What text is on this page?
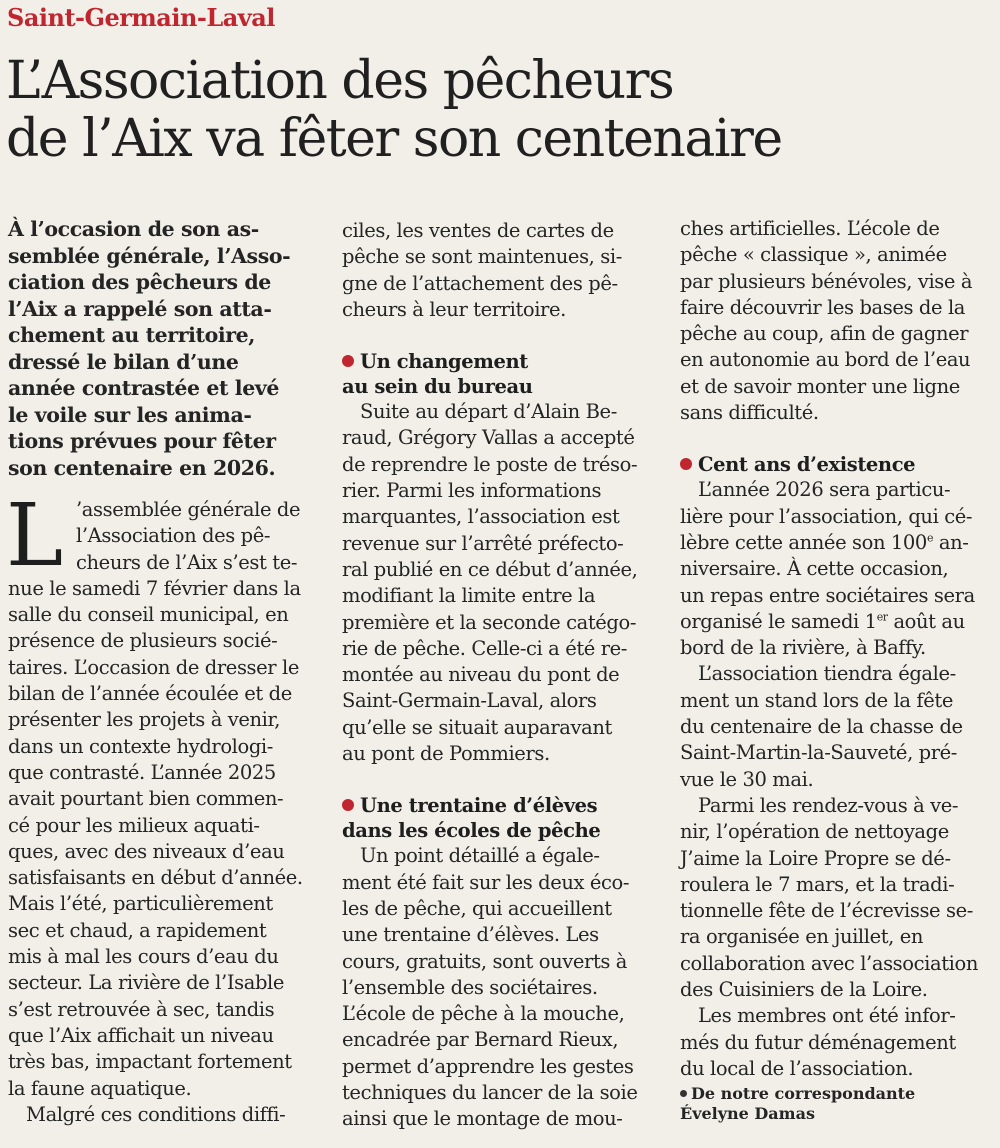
Saint-Germain-Laval
L’Association des pêcheurs
de l’Aix va fêter son centenaire
À l’occasion de son as-
semblée générale, l’Asso-
ciation des pêcheurs de
l’Aix a rappelé son atta-
chement au territoire,
dressé le bilan d’une
année contrastée et levé
le voile sur les anima-
tions prévues pour fêter
son centenaire en 2026.
L ’assemblée générale de
l’Association des pê-
cheurs de l’Aix s’est te-
nue le samedi 7 février dans la
salle du conseil municipal, en
présence de plusieurs socié-
taires. L’occasion de dresser le
bilan de l’année écoulée et de
présenter les projets à venir,
dans un contexte hydrologi-
que contrasté. L’année 2025
avait pourtant bien commen-
cé pour les milieux aquati-
ques, avec des niveaux d’eau
satisfaisants en début d’année.
Mais l’été, particulièrement
sec et chaud, a rapidement
mis à mal les cours d’eau du
secteur. La rivière de l’Isable
s’est retrouvée à sec, tandis
que l’Aix affichait un niveau
très bas, impactant fortement
la faune aquatique.
Malgré ces conditions diffi-
ciles, les ventes de cartes de
pêche se sont maintenues, si-
gne de l’attachement des pê-
cheurs à leur territoire.
Un changement
au sein du bureau
Suite au départ d’Alain Be-
raud, Grégory Vallas a accepté
de reprendre le poste de tréso-
rier. Parmi les informations
marquantes, l’association est
revenue sur l’arrêté préfecto-
ral publié en ce début d’année,
modifiant la limite entre la
première et la seconde catégo-
rie de pêche. Celle-ci a été re-
montée au niveau du pont de
Saint-Germain-Laval, alors
qu’elle se situait auparavant
au pont de Pommiers.
Une trentaine d’élèves
dans les écoles de pêche
Un point détaillé a égale-
ment été fait sur les deux éco-
les de pêche, qui accueillent
une trentaine d’élèves. Les
cours, gratuits, sont ouverts à
l’ensemble des sociétaires.
L’école de pêche à la mouche,
encadrée par Bernard Rieux,
permet d’apprendre les gestes
techniques du lancer de la soie
ainsi que le montage de mou-
ches artificielles. L’école de
pêche « classique », animée
par plusieurs bénévoles, vise à
faire découvrir les bases de la
pêche au coup, afin de gagner
en autonomie au bord de l’eau
et de savoir monter une ligne
sans difficulté.
Cent ans d’existence
L’année 2026 sera particu-
lière pour l’association, qui cé-
lèbre cette année son 100e an-
niversaire. À cette occasion,
un repas entre sociétaires sera
organisé le samedi 1er août au
bord de la rivière, à Baffy.
L’association tiendra égale-
ment un stand lors de la fête
du centenaire de la chasse de
Saint-Martin-la-Sauveté, pré-
vue le 30 mai.
Parmi les rendez-vous à ve-
nir, l’opération de nettoyage
J’aime la Loire Propre se dé-
roulera le 7 mars, et la tradi-
tionnelle fête de l’écrevisse se-
ra organisée en juillet, en
collaboration avec l’association
des Cuisiniers de la Loire.
Les membres ont été infor-
més du futur déménagement
du local de l’association.
De notre correspondante
Évelyne Damas
